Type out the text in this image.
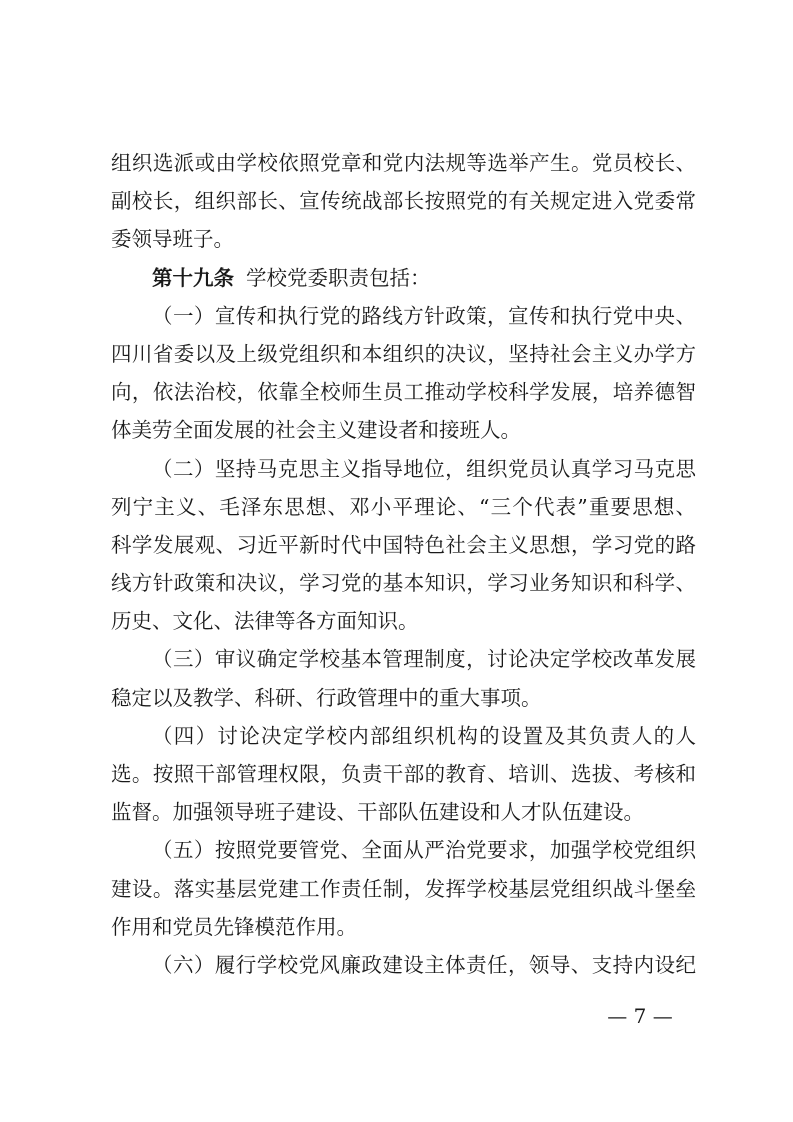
组织选派或由学校依照党章和党内法规等选举产生。党员校长、
副校长，组织部长、宣传统战部长按照党的有关规定进入党委常
委领导班子。
第十九条 学校党委职责包括：
（一）宣传和执行党的路线方针政策，宣传和执行党中央、
四川省委以及上级党组织和本组织的决议，坚持社会主义办学方
向，依法治校，依靠全校师生员工推动学校科学发展，培养德智
体美劳全面发展的社会主义建设者和接班人。
（二）坚持马克思主义指导地位，组织党员认真学习马克思
列宁主义、毛泽东思想、邓小平理论、“三个代表”重要思想、
科学发展观、习近平新时代中国特色社会主义思想，学习党的路
线方针政策和决议，学习党的基本知识，学习业务知识和科学、
历史、文化、法律等各方面知识。
（三）审议确定学校基本管理制度，讨论决定学校改革发展
稳定以及教学、科研、行政管理中的重大事项。
（四）讨论决定学校内部组织机构的设置及其负责人的人
选。按照干部管理权限，负责干部的教育、培训、选拔、考核和
监督。加强领导班子建设、干部队伍建设和人才队伍建设。
（五）按照党要管党、全面从严治党要求，加强学校党组织
建设。落实基层党建工作责任制，发挥学校基层党组织战斗堡垒
作用和党员先锋模范作用。
（六）履行学校党风廉政建设主体责任，领导、支持内设纪
— 7 —
